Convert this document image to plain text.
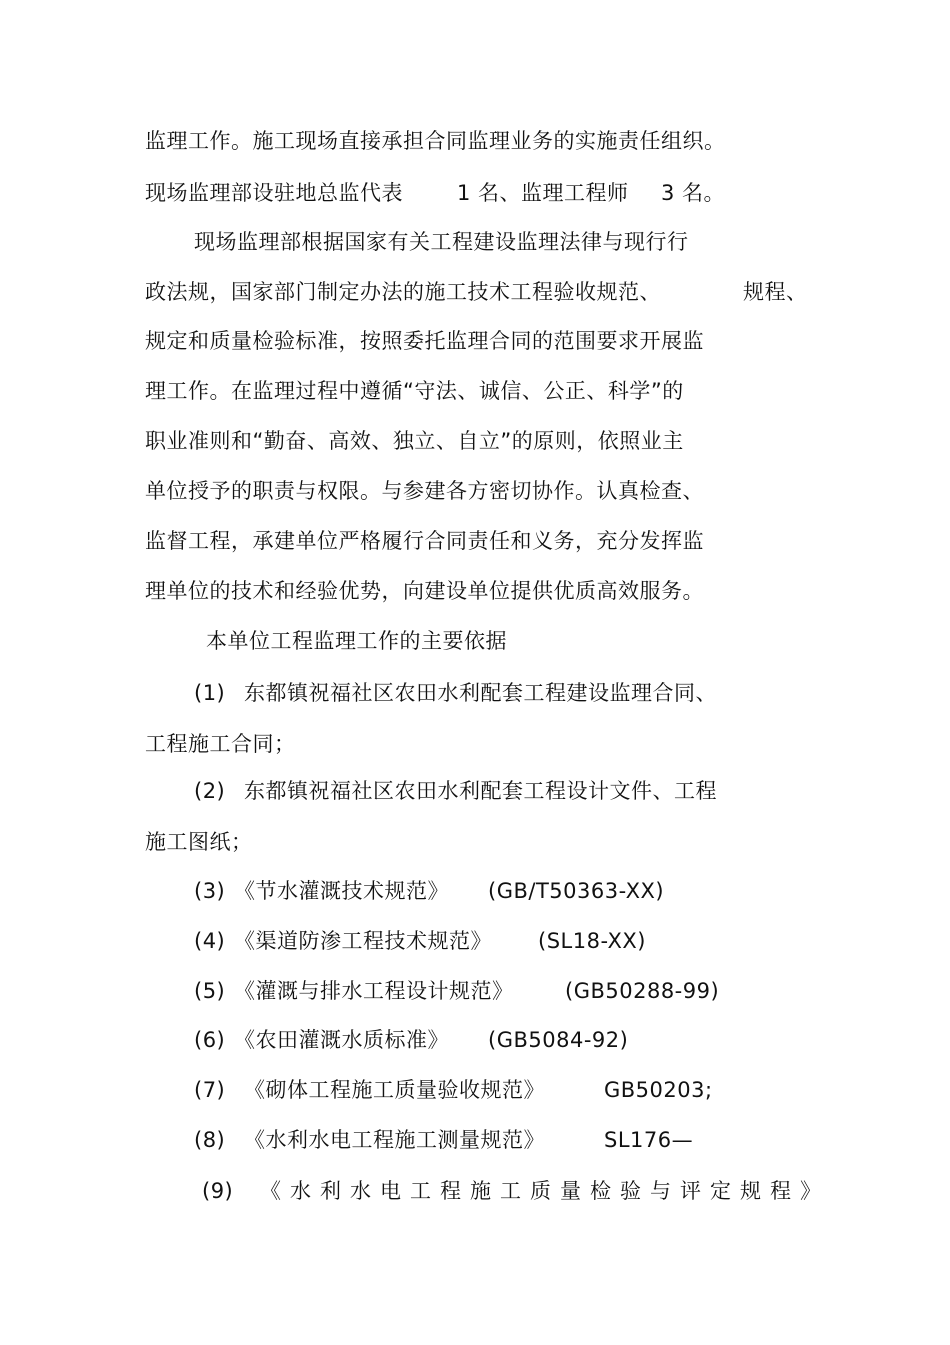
监理工作。施工现场直接承担合同监理业务的实施责任组织。
现场监理部设驻地总监代表	1 名、监理工程师 3 名。
现场监理部根据国家有关工程建设监理法律与现行行
政法规，国家部门制定办法的施工技术工程验收规范、	规程、
规定和质量检验标准，按照委托监理合同的范围要求开展监
理工作。在监理过程中遵循“守法、诚信、公正、科学”的
职业准则和“勤奋、高效、独立、自立”的原则，依照业主
单位授予的职责与权限。与参建各方密切协作。认真检查、
监督工程，承建单位严格履行合同责任和义务，充分发挥监
理单位的技术和经验优势，向建设单位提供优质高效服务。
本单位工程监理工作的主要依据
(1) 东都镇祝福社区农田水利配套工程建设监理合同、
工程施工合同；
(2) 东都镇祝福社区农田水利配套工程设计文件、工程
施工图纸；
(3) 《节水灌溉技术规范》 (GB/T50363-XX)
(4) 《渠道防渗工程技术规范》 (SL18-XX)
(5) 《灌溉与排水工程设计规范》 (GB50288-99)
(6) 《农田灌溉水质标准》 (GB5084-92)
(7) 《砌体工程施工质量验收规范》	GB50203;
(8) 《水利水电工程施工测量规范》	SL176—
(9) 《水利水电工程施工质量检验与评定规程》
